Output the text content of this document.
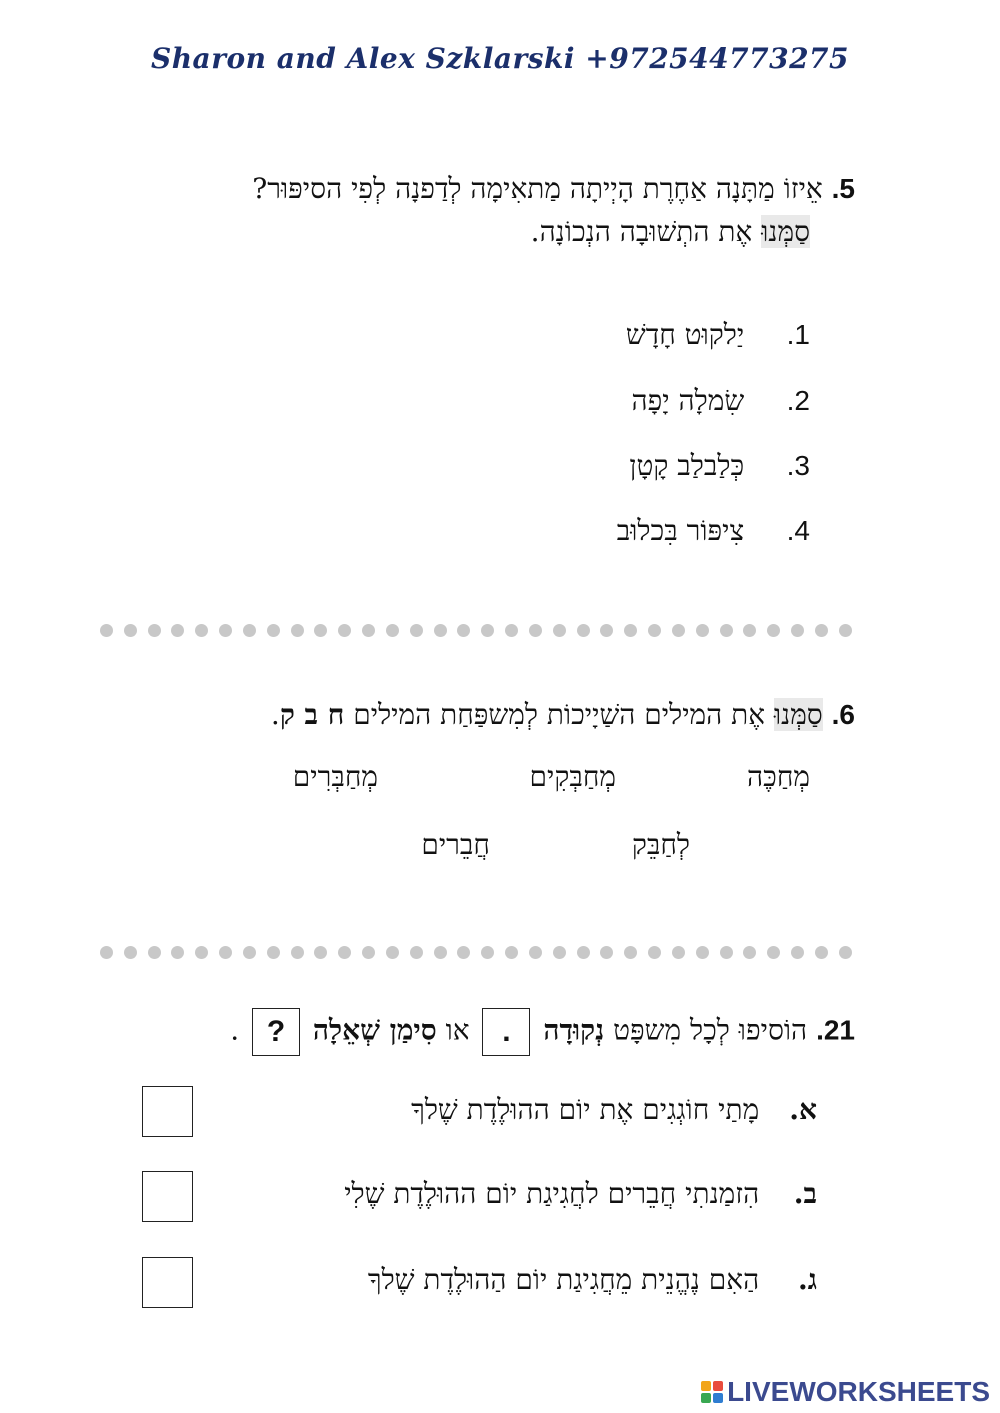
Sharon and Alex Szklarski +972544773275
5. אֵיזוֹ מַתָּנָה אַחֶרֶת הָיְיתָה מַתאִימָה לְדַפנָה לְפִי הסיפּוּר?
סַמְּנוּ אֶת התְשׁוּבָה הנְכוֹנָה.
1.  יַלקוּט חָדָשׁ
2.  שִׂמלָה יָפָה
3.  כְּלַבלַב קָטָן
4.  צִיפּוֹר בִּכלוּב
6. סַמְּנוּ אֶת המילים השַׁיָיכוֹת לְמִשפַּחַת המילים ח ב ק.
מְחַכֶּה
מְחַבְּקִים
מְחַבְּרִים
לְחַבֵּק
חֲבֵרים
21. הוֹסיפוּ לְכָל מִשפָּט נְקוּדָה . או סִימַן שְׁאֵלָה ? .
א.  מָתַי חוֹגְגִים אֶת יוֹם ההוּלֶדֶת שֶׁלךָ
ב.  הִזמַנתִי חֲבֵרים לחֲגִיגַת יוֹם ההוּלֶדֶת שֶׁלִי
ג.  הַאִם נֶהֱנֵית מֵחֲגִיגַת יוֹם הַהוּלֶדֶת שֶׁלךָ
LIVEWORKSHEETS
